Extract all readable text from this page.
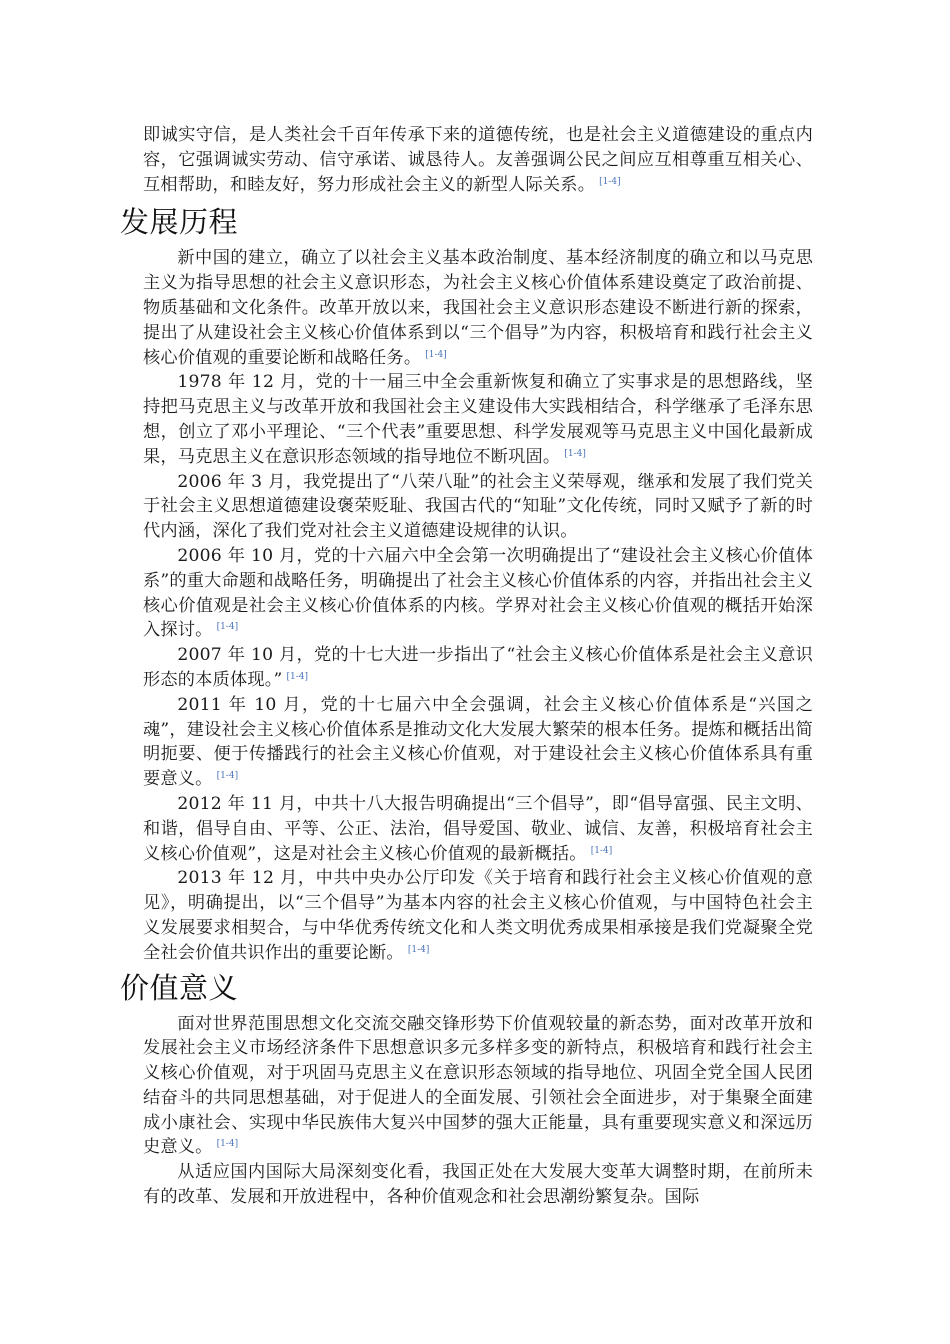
即诚实守信，是人类社会千百年传承下来的道德传统，也是社会主义道德建设的重点内容，它强调诚实劳动、信守承诺、诚恳待人。友善强调公民之间应互相尊重互相关心、互相帮助，和睦友好，努力形成社会主义的新型人际关系。 [1-4]

发展历程

新中国的建立，确立了以社会主义基本政治制度、基本经济制度的确立和以马克思主义为指导思想的社会主义意识形态，为社会主义核心价值体系建设奠定了政治前提、物质基础和文化条件。改革开放以来，我国社会主义意识形态建设不断进行新的探索，提出了从建设社会主义核心价值体系到以“三个倡导”为内容，积极培育和践行社会主义核心价值观的重要论断和战略任务。 [1-4]

1978 年 12 月，党的十一届三中全会重新恢复和确立了实事求是的思想路线，坚持把马克思主义与改革开放和我国社会主义建设伟大实践相结合，科学继承了毛泽东思想，创立了邓小平理论、“三个代表”重要思想、科学发展观等马克思主义中国化最新成果，马克思主义在意识形态领域的指导地位不断巩固。 [1-4]

2006 年 3 月，我党提出了“八荣八耻”的社会主义荣辱观，继承和发展了我们党关于社会主义思想道德建设褒荣贬耻、我国古代的“知耻”文化传统，同时又赋予了新的时代内涵，深化了我们党对社会主义道德建设规律的认识。

2006 年 10 月，党的十六届六中全会第一次明确提出了“建设社会主义核心价值体系”的重大命题和战略任务，明确提出了社会主义核心价值体系的内容，并指出社会主义核心价值观是社会主义核心价值体系的内核。学界对社会主义核心价值观的概括开始深入探讨。 [1-4]

2007 年 10 月，党的十七大进一步指出了“社会主义核心价值体系是社会主义意识形态的本质体现。” [1-4]

2011 年 10 月，党的十七届六中全会强调，社会主义核心价值体系是“兴国之魂”，建设社会主义核心价值体系是推动文化大发展大繁荣的根本任务。提炼和概括出简明扼要、便于传播践行的社会主义核心价值观，对于建设社会主义核心价值体系具有重要意义。 [1-4]

2012 年 11 月，中共十八大报告明确提出“三个倡导”，即“倡导富强、民主文明、和谐，倡导自由、平等、公正、法治，倡导爱国、敬业、诚信、友善，积极培育社会主义核心价值观”，这是对社会主义核心价值观的最新概括。 [1-4]

2013 年 12 月，中共中央办公厅印发《关于培育和践行社会主义核心价值观的意见》，明确提出，以“三个倡导”为基本内容的社会主义核心价值观，与中国特色社会主义发展要求相契合，与中华优秀传统文化和人类文明优秀成果相承接是我们党凝聚全党全社会价值共识作出的重要论断。 [1-4]

价值意义

面对世界范围思想文化交流交融交锋形势下价值观较量的新态势，面对改革开放和发展社会主义市场经济条件下思想意识多元多样多变的新特点，积极培育和践行社会主义核心价值观，对于巩固马克思主义在意识形态领域的指导地位、巩固全党全国人民团结奋斗的共同思想基础，对于促进人的全面发展、引领社会全面进步，对于集聚全面建成小康社会、实现中华民族伟大复兴中国梦的强大正能量，具有重要现实意义和深远历史意义。 [1-4]

从适应国内国际大局深刻变化看，我国正处在大发展大变革大调整时期，在前所未有的改革、发展和开放进程中，各种价值观念和社会思潮纷繁复杂。国际
